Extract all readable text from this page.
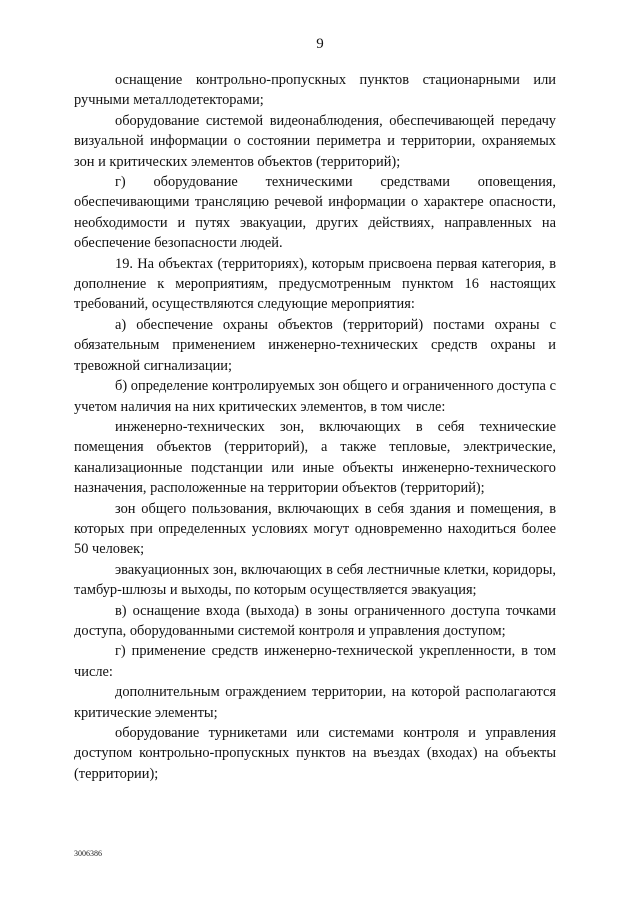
9

оснащение контрольно-пропускных пунктов стационарными или ручными металлодетекторами;

оборудование системой видеонаблюдения, обеспечивающей передачу визуальной информации о состоянии периметра и территории, охраняемых зон и критических элементов объектов (территорий);

г) оборудование техническими средствами оповещения, обеспечивающими трансляцию речевой информации о характере опасности, необходимости и путях эвакуации, других действиях, направленных на обеспечение безопасности людей.

19. На объектах (территориях), которым присвоена первая категория, в дополнение к мероприятиям, предусмотренным пунктом 16 настоящих требований, осуществляются следующие мероприятия:

а) обеспечение охраны объектов (территорий) постами охраны с обязательным применением инженерно-технических средств охраны и тревожной сигнализации;

б) определение контролируемых зон общего и ограниченного доступа с учетом наличия на них критических элементов, в том числе:

инженерно-технических зон, включающих в себя технические помещения объектов (территорий), а также тепловые, электрические, канализационные подстанции или иные объекты инженерно-технического назначения, расположенные на территории объектов (территорий);

зон общего пользования, включающих в себя здания и помещения, в которых при определенных условиях могут одновременно находиться более 50 человек;

эвакуационных зон, включающих в себя лестничные клетки, коридоры, тамбур-шлюзы и выходы, по которым осуществляется эвакуация;

в) оснащение входа (выхода) в зоны ограниченного доступа точками доступа, оборудованными системой контроля и управления доступом;

г) применение средств инженерно-технической укрепленности, в том числе:

дополнительным ограждением территории, на которой располагаются критические элементы;

оборудование турникетами или системами контроля и управления доступом контрольно-пропускных пунктов на въездах (входах) на объекты (территории);

3006386
